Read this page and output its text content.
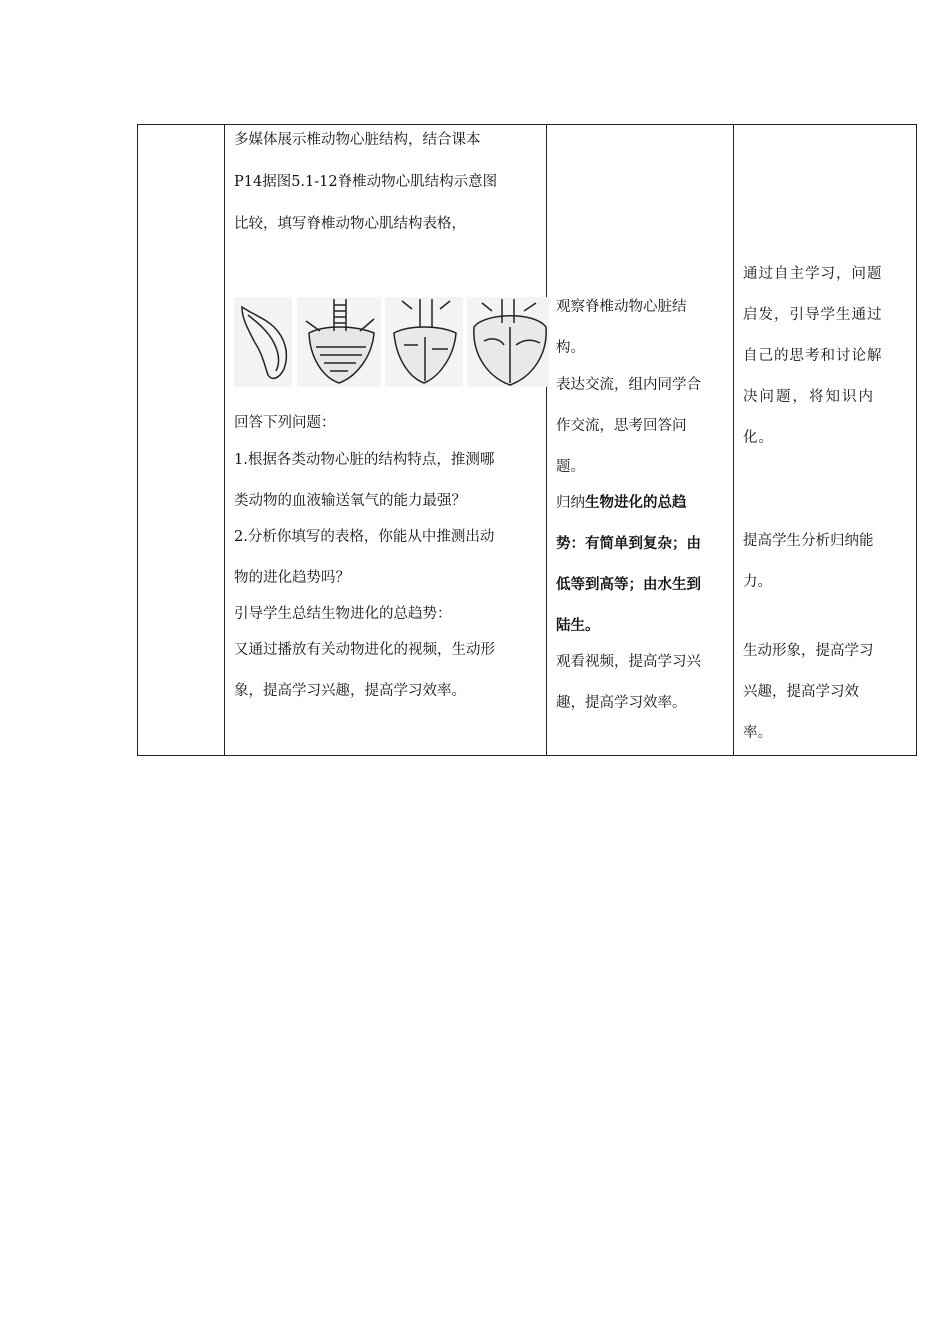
多媒体展示椎动物心脏结构，结合课本
P14据图5.1-12脊椎动物心肌结构示意图
比较，填写脊椎动物心肌结构表格，
回答下列问题：
1.根据各类动物心脏的结构特点，推测哪
类动物的血液输送氧气的能力最强？
2.分析你填写的表格，你能从中推测出动
物的进化趋势吗？
引导学生总结生物进化的总趋势：
又通过播放有关动物进化的视频，生动形
象，提高学习兴趣，提高学习效率。
观察脊椎动物心脏结
构。
表达交流，组内同学合
作交流，思考回答问
题。
归纳生物进化的总趋
势：有简单到复杂；由
低等到高等；由水生到
陆生。
观看视频，提高学习兴
趣，提高学习效率。
通过自主学习，问题
启发，引导学生通过
自己的思考和讨论解
决问题，将知识内
化。
提高学生分析归纳能
力。
生动形象，提高学习
兴趣，提高学习效
率。
